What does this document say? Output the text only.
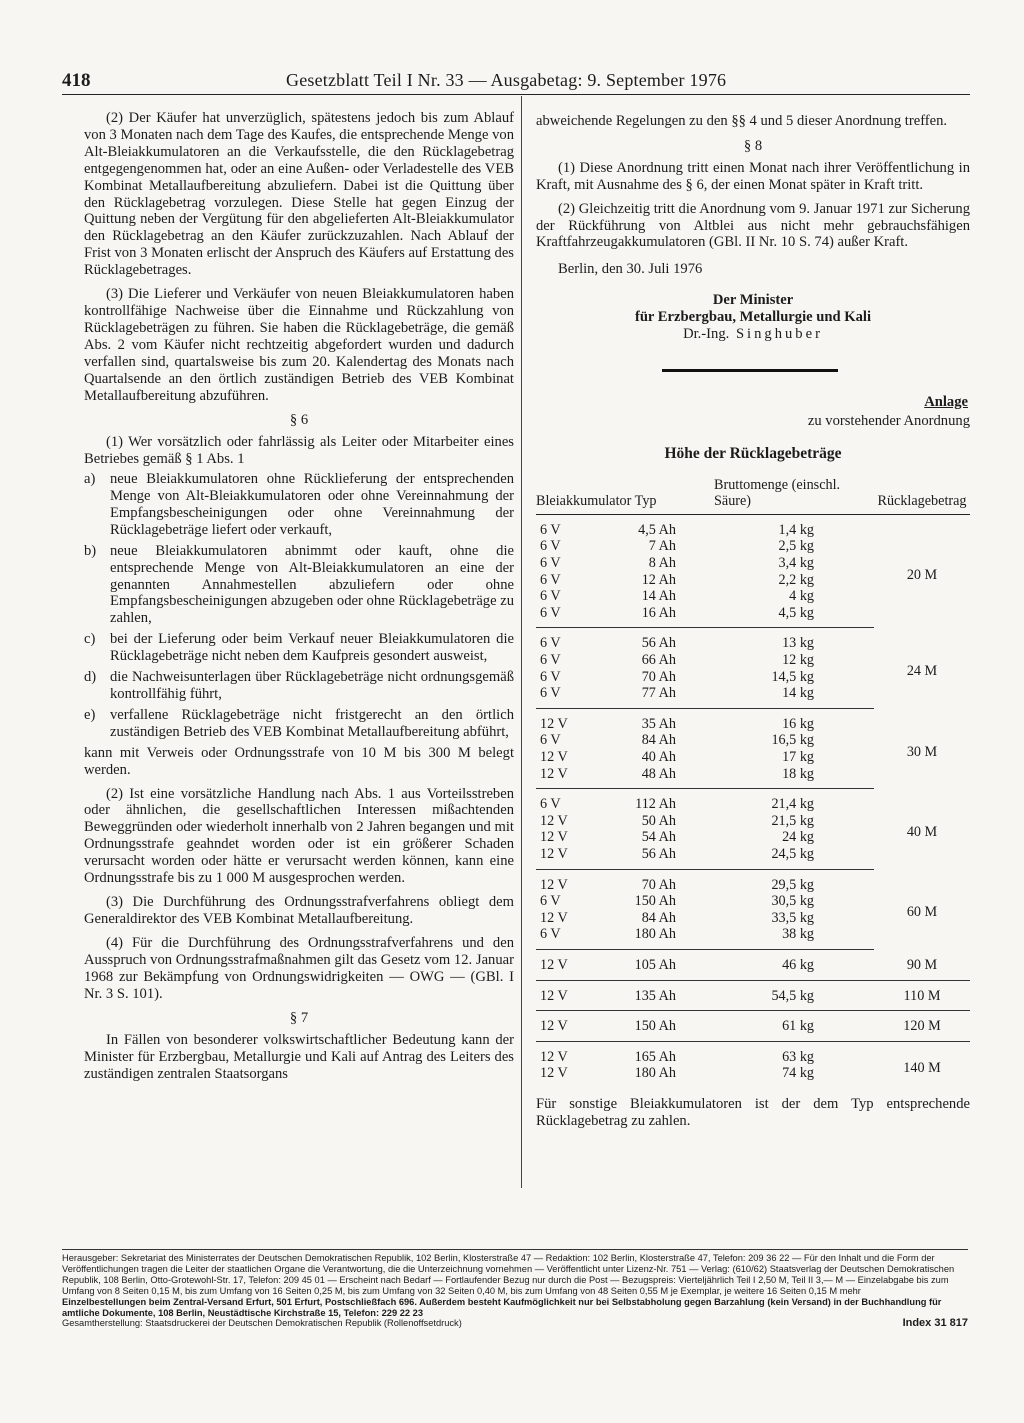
418	Gesetzblatt Teil I Nr. 33 — Ausgabetag: 9. September 1976

(2) Der Käufer hat unverzüglich, spätestens jedoch bis zum Ablauf von 3 Monaten nach dem Tage des Kaufes, die entsprechende Menge von Alt-Bleiakkumulatoren an die Verkaufsstelle, die den Rücklagebetrag entgegengenommen hat, oder an eine Außen- oder Verladestelle des VEB Kombinat Metallaufbereitung abzuliefern. Dabei ist die Quittung über den Rücklagebetrag vorzulegen. Diese Stelle hat gegen Einzug der Quittung neben der Vergütung für den abgelieferten Alt-Bleiakkumulator den Rücklagebetrag an den Käufer zurückzuzahlen. Nach Ablauf der Frist von 3 Monaten erlischt der Anspruch des Käufers auf Erstattung des Rücklagebetrages.

(3) Die Lieferer und Verkäufer von neuen Bleiakkumulatoren haben kontrollfähige Nachweise über die Einnahme und Rückzahlung von Rücklagebeträgen zu führen. Sie haben die Rücklagebeträge, die gemäß Abs. 2 vom Käufer nicht rechtzeitig abgefordert wurden und dadurch verfallen sind, quartalsweise bis zum 20. Kalendertag des Monats nach Quartalsende an den örtlich zuständigen Betrieb des VEB Kombinat Metallaufbereitung abzuführen.

§ 6

(1) Wer vorsätzlich oder fahrlässig als Leiter oder Mitarbeiter eines Betriebes gemäß § 1 Abs. 1

a)	neue Bleiakkumulatoren ohne Rücklieferung der entsprechenden Menge von Alt-Bleiakkumulatoren oder ohne Vereinnahmung der Empfangsbescheinigungen oder ohne Vereinnahmung der Rücklagebeträge liefert oder verkauft,
b) neue Bleiakkumulatoren abnimmt oder kauft, ohne die entsprechende Menge von Alt-Bleiakkumulatoren an eine der genannten Annahmestellen abzuliefern oder ohne Empfangsbescheinigungen abzugeben oder ohne Rücklagebeträge zu zahlen,
c)	bei der Lieferung oder beim Verkauf neuer Bleiakkumulatoren die Rücklagebeträge nicht neben dem Kaufpreis gesondert ausweist,
d) die Nachweisunterlagen über Rücklagebeträge nicht ordnungsgemäß kontrollfähig führt,
e)	verfallene Rücklagebeträge nicht fristgerecht an den örtlich zuständigen Betrieb des VEB Kombinat Metallaufbereitung abführt,

kann mit Verweis oder Ordnungsstrafe von 10 M bis 300 M belegt werden.

(2) Ist eine vorsätzliche Handlung nach Abs. 1 aus Vorteilsstreben oder ähnlichen, die gesellschaftlichen Interessen mißachtenden Beweggründen oder wiederholt innerhalb von 2 Jahren begangen und mit Ordnungsstrafe geahndet worden oder ist ein größerer Schaden verursacht worden oder hätte er verursacht werden können, kann eine Ordnungsstrafe bis zu 1 000 M ausgesprochen werden.

(3) Die Durchführung des Ordnungsstrafverfahrens obliegt dem Generaldirektor des VEB Kombinat Metallaufbereitung.

(4) Für die Durchführung des Ordnungsstrafverfahrens und den Ausspruch von Ordnungsstrafmaßnahmen gilt das Gesetz vom 12. Januar 1968 zur Bekämpfung von Ordnungswidrigkeiten — OWG — (GBl. I Nr. 3 S. 101).

§ 7

In Fällen von besonderer volkswirtschaftlicher Bedeutung kann der Minister für Erzbergbau, Metallurgie und Kali auf Antrag des Leiters des zuständigen zentralen Staatsorgans

abweichende Regelungen zu den §§ 4 und 5 dieser Anordnung treffen.

§ 8

(1) Diese Anordnung tritt einen Monat nach ihrer Veröffentlichung in Kraft, mit Ausnahme des § 6, der einen Monat später in Kraft tritt.

(2) Gleichzeitig tritt die Anordnung vom 9. Januar 1971 zur Sicherung der Rückführung von Altblei aus nicht mehr gebrauchsfähigen Kraftfahrzeugakkumulatoren (GBl. II Nr. 10 S. 74) außer Kraft.

Berlin, den 30. Juli 1976

Der Minister
für Erzbergbau, Metallurgie und Kali
Dr.-Ing. Singhuber
Anlage
zu vorstehender Anordnung
Höhe der Rücklagebeträge
Bleiakkumulator Typ		Bruttomenge (einschl. Säure)	Rücklagebetrag
6 V	4,5 Ah	1,4 kg	20 M
6 V	7 Ah	2,5 kg	
6 V	8 Ah	3,4 kg	
6 V	12 Ah	2,2 kg	
6 V	14 Ah	4 kg	
6 V	16 Ah	4,5 kg	
6 V	56 Ah	13 kg	24 M
6 V	66 Ah	12 kg	
6 V	70 Ah	14,5 kg	
6 V	77 Ah	14 kg	
12 V	35 Ah	16 kg	30 M
6 V	84 Ah	16,5 kg	
12 V	40 Ah	17 kg	
12 V	48 Ah	18 kg	
6 V	112 Ah	21,4 kg	40 M
12 V	50 Ah	21,5 kg	
12 V	54 Ah	24 kg	
12 V	56 Ah	24,5 kg	
12 V	70 Ah	29,5 kg	60 M
6 V	150 Ah	30,5 kg	
12 V	84 Ah	33,5 kg	
6 V	180 Ah	38 kg	
12 V	105 Ah	46 kg	90 M
12 V	135 Ah	54,5 kg	110 M
12 V	150 Ah	61 kg	120 M
12 V	165 Ah	63 kg	140 M
12 V	180 Ah	74 kg	
Für sonstige Bleiakkumulatoren ist der dem Typ entsprechende Rücklagebetrag zu zahlen.

Herausgeber: Sekretariat des Ministerrates der Deutschen Demokratischen Republik, 102 Berlin, Klosterstraße 47 — Redaktion: 102 Berlin, Klosterstraße 47, Telefon: 209 36 22 — Für den Inhalt und die Form der Veröffentlichungen tragen die Leiter der staatlichen Organe die Verantwortung, die die Unterzeichnung vornehmen — Veröffentlicht unter Lizenz-Nr. 751 — Verlag: (610/62) Staatsverlag der Deutschen Demokratischen Republik, 108 Berlin, Otto-Grotewohl-Str. 17, Telefon: 209 45 01 — Erscheint nach Bedarf — Fortlaufender Bezug nur durch die Post — Bezugspreis: Vierteljährlich Teil I 2,50 M, Teil II 3,— M — Einzelabgabe bis zum Umfang von 8 Seiten 0,15 M, bis zum Umfang von 16 Seiten 0,25 M, bis zum Umfang von 32 Seiten 0,40 M, bis zum Umfang von 48 Seiten 0,55 M je Exemplar, je weitere 16 Seiten 0,15 M mehr

Einzelbestellungen beim Zentral-Versand Erfurt, 501 Erfurt, Postschließfach 696. Außerdem besteht Kaufmöglichkeit nur bei Selbstabholung gegen Barzahlung (kein Versand) in der Buchhandlung für amtliche Dokumente, 108 Berlin, Neustädtische Kirchstraße 15, Telefon: 229 22 23

Gesamtherstellung: Staatsdruckerei der Deutschen Demokratischen Republik (Rollenoffsetdruck)	Index 31 817
